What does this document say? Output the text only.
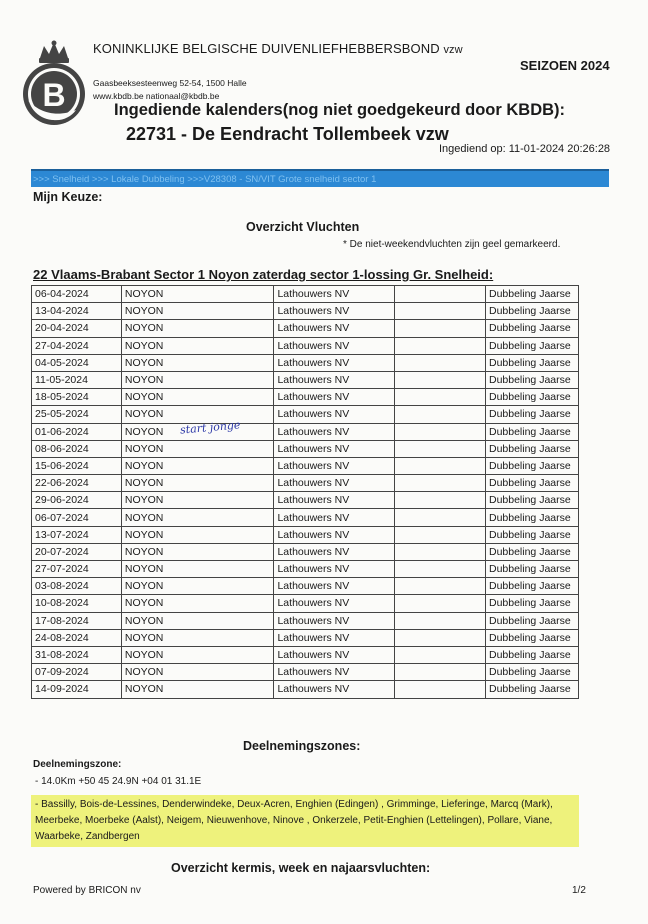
B
KONINKLIJKE BELGISCHE DUIVENLIEFHEBBERSBOND vzw
SEIZOEN 2024
Gaasbeeksesteenweg 52-54, 1500 Halle
www.kbdb.be nationaal@kbdb.be
Ingediende kalenders(nog niet goedgekeurd door KBDB):
22731 - De Eendracht Tollembeek vzw
Ingediend op: 11-01-2024 20:26:28
>>> Snelheid >>> Lokale Dubbeling >>>V28308 - SN/VIT Grote snelheid sector 1
Mijn Keuze:
Overzicht Vluchten
* De niet-weekendvluchten zijn geel gemarkeerd.
22 Vlaams-Brabant Sector 1 Noyon zaterdag sector 1-lossing Gr. Snelheid:
06-04-2024	NOYON	Lathouwers NV		Dubbeling Jaarse
13-04-2024	NOYON	Lathouwers NV		Dubbeling Jaarse
20-04-2024	NOYON	Lathouwers NV		Dubbeling Jaarse
27-04-2024	NOYON	Lathouwers NV		Dubbeling Jaarse
04-05-2024	NOYON	Lathouwers NV		Dubbeling Jaarse
11-05-2024	NOYON	Lathouwers NV		Dubbeling Jaarse
18-05-2024	NOYON	Lathouwers NV		Dubbeling Jaarse
25-05-2024	NOYON	Lathouwers NV		Dubbeling Jaarse
01-06-2024	NOYON start jonge	Lathouwers NV		Dubbeling Jaarse
08-06-2024	NOYON	Lathouwers NV		Dubbeling Jaarse
15-06-2024	NOYON	Lathouwers NV		Dubbeling Jaarse
22-06-2024	NOYON	Lathouwers NV		Dubbeling Jaarse
29-06-2024	NOYON	Lathouwers NV		Dubbeling Jaarse
06-07-2024	NOYON	Lathouwers NV		Dubbeling Jaarse
13-07-2024	NOYON	Lathouwers NV		Dubbeling Jaarse
20-07-2024	NOYON	Lathouwers NV		Dubbeling Jaarse
27-07-2024	NOYON	Lathouwers NV		Dubbeling Jaarse
03-08-2024	NOYON	Lathouwers NV		Dubbeling Jaarse
10-08-2024	NOYON	Lathouwers NV		Dubbeling Jaarse
17-08-2024	NOYON	Lathouwers NV		Dubbeling Jaarse
24-08-2024	NOYON	Lathouwers NV		Dubbeling Jaarse
31-08-2024	NOYON	Lathouwers NV		Dubbeling Jaarse
07-09-2024	NOYON	Lathouwers NV		Dubbeling Jaarse
14-09-2024	NOYON	Lathouwers NV		Dubbeling Jaarse
Deelnemingszones:
Deelnemingszone:
- 14.0Km +50 45 24.9N +04 01 31.1E
- Bassilly, Bois-de-Lessines, Denderwindeke, Deux-Acren, Enghien (Edingen) , Grimminge, Lieferinge, Marcq (Mark), Meerbeke, Moerbeke (Aalst), Neigem, Nieuwenhove, Ninove , Onkerzele, Petit-Enghien (Lettelingen), Pollare, Viane, Waarbeke, Zandbergen
Overzicht kermis, week en najaarsvluchten:
Powered by BRICON nv	1/2
